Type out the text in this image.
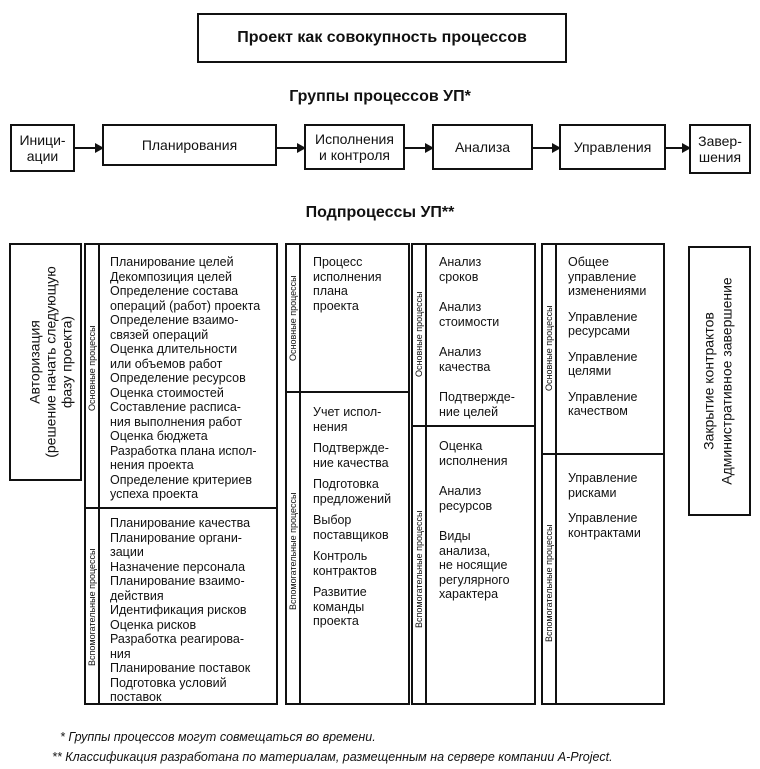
Проект как совокупность процессов
Группы процессов УП*
Иници-
ации
Планирования	Исполнения
и контроля	Анализа	Управления	Завер-
шения
Подпроцессы УП**
Авторизация
(решение начать следующую
фазу проекта) Основные процессы
Вспомогательные процессы
Планирование целей
Декомпозиция целей
Определение состава
операций (работ) проекта
Определение взаимо-
связей операций
Оценка длительности
или объемов работ
Определение ресурсов
Оценка стоимостей
Составление расписа-
ния выполнения работ
Оценка бюджета
Разработка плана испол-
нения проекта
Определение критериев
успеха проекта
Планирование качества
Планирование органи-
зации
Назначение персонала
Планирование взаимо-
действия
Идентификация рисков
Оценка рисков
Разработка реагирова-
ния
Планирование поставок
Подготовка условий
поставок
Основные процессы
Вспомогательные процессы
Процесс
исполнения
плана
проекта
Учет испол-
нения
Подтвержде-
ние качества
Подготовка
предложений
Выбор
поставщиков
Контроль
контрактов
Развитие
команды
проекта
Основные процессы
Вспомогательные процессы
Анализ
сроков
Анализ
стоимости
Анализ
качества
Подтвержде-
ние целей
Оценка
исполнения
Анализ
ресурсов
Виды
анализа,
не носящие
регулярного
характера
Основные процессы
Вспомогательные процессы
Общее
управление
изменениями
Управление
ресурсами
Управление
целями
Управление
качеством
Управление
рисками
Управление
контрактами
Закрытие контрактов
Административное завершение
* Группы процессов могут совмещаться во времени.
** Классификация разработана по материалам, размещенным на сервере компании A-Project.
